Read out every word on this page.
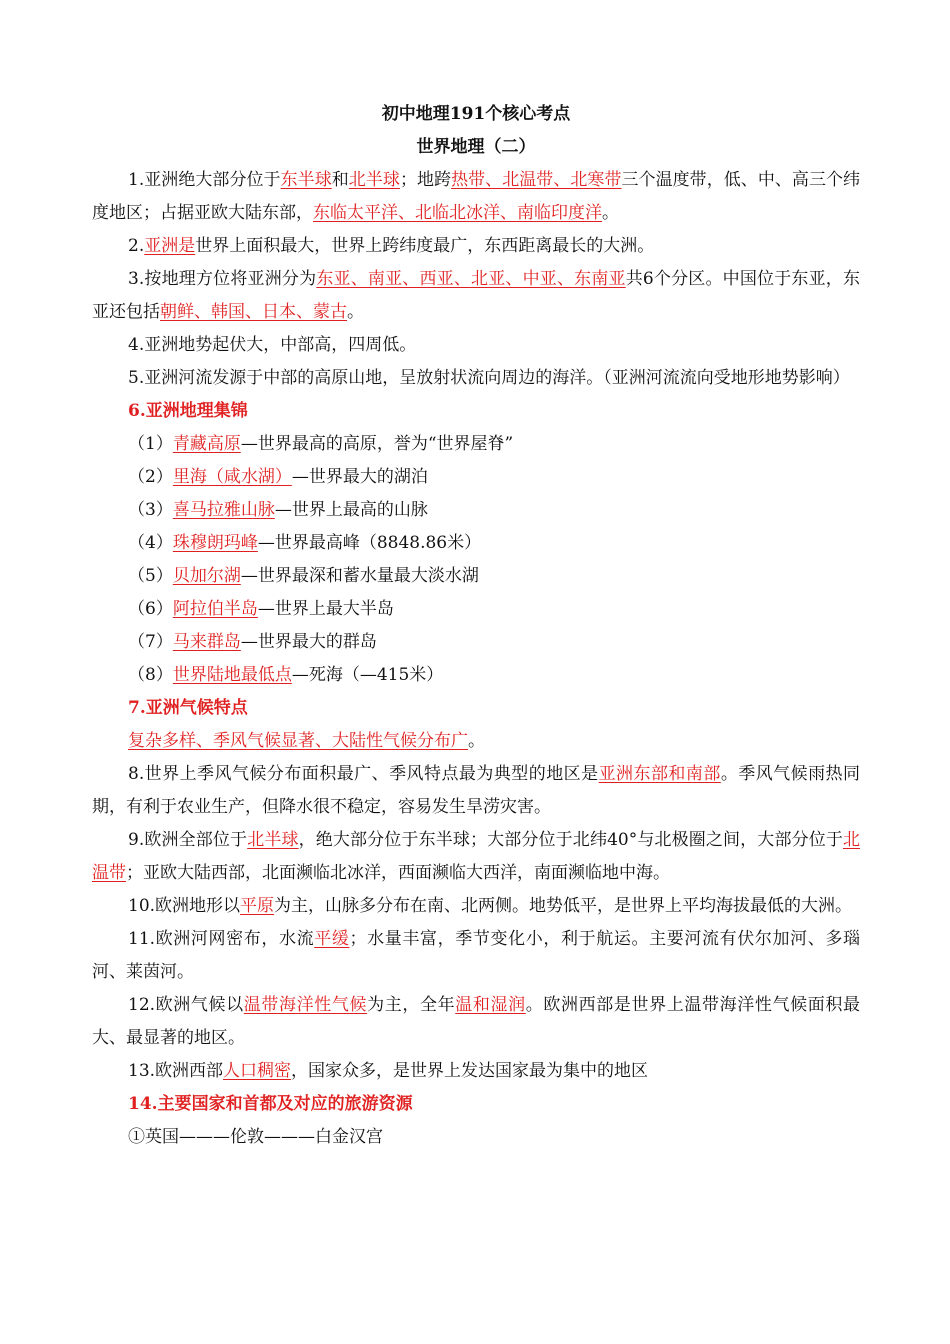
初中地理191个核心考点

世界地理（二）

1.亚洲绝大部分位于东半球和北半球；地跨热带、北温带、北寒带三个温度带，低、中、高三个纬度地区；占据亚欧大陆东部，东临太平洋、北临北冰洋、南临印度洋。

2.亚洲是世界上面积最大，世界上跨纬度最广，东西距离最长的大洲。

3.按地理方位将亚洲分为东亚、南亚、西亚、北亚、中亚、东南亚共6个分区。中国位于东亚，东亚还包括朝鲜、韩国、日本、蒙古。

4.亚洲地势起伏大，中部高，四周低。

5.亚洲河流发源于中部的高原山地，呈放射状流向周边的海洋。（亚洲河流流向受地形地势影响）

6.亚洲地理集锦

（1）青藏高原—世界最高的高原，誉为“世界屋脊”

（2）里海（咸水湖）—世界最大的湖泊

（3）喜马拉雅山脉—世界上最高的山脉

（4）珠穆朗玛峰—世界最高峰（8848.86米）

（5）贝加尔湖—世界最深和蓄水量最大淡水湖

（6）阿拉伯半岛—世界上最大半岛

（7）马来群岛—世界最大的群岛

（8）世界陆地最低点—死海（—415米）

7.亚洲气候特点

复杂多样、季风气候显著、大陆性气候分布广。

8.世界上季风气候分布面积最广、季风特点最为典型的地区是亚洲东部和南部。季风气候雨热同期，有利于农业生产，但降水很不稳定，容易发生旱涝灾害。

9.欧洲全部位于北半球，绝大部分位于东半球；大部分位于北纬40°与北极圈之间，大部分位于北温带；亚欧大陆西部，北面濒临北冰洋，西面濒临大西洋，南面濒临地中海。

10.欧洲地形以平原为主，山脉多分布在南、北两侧。地势低平，是世界上平均海拔最低的大洲。

11.欧洲河网密布，水流平缓；水量丰富，季节变化小，利于航运。主要河流有伏尔加河、多瑙河、莱茵河。

12.欧洲气候以温带海洋性气候为主，全年温和湿润。欧洲西部是世界上温带海洋性气候面积最大、最显著的地区。

13.欧洲西部人口稠密，国家众多，是世界上发达国家最为集中的地区

14.主要国家和首都及对应的旅游资源

①英国———伦敦———白金汉宫
